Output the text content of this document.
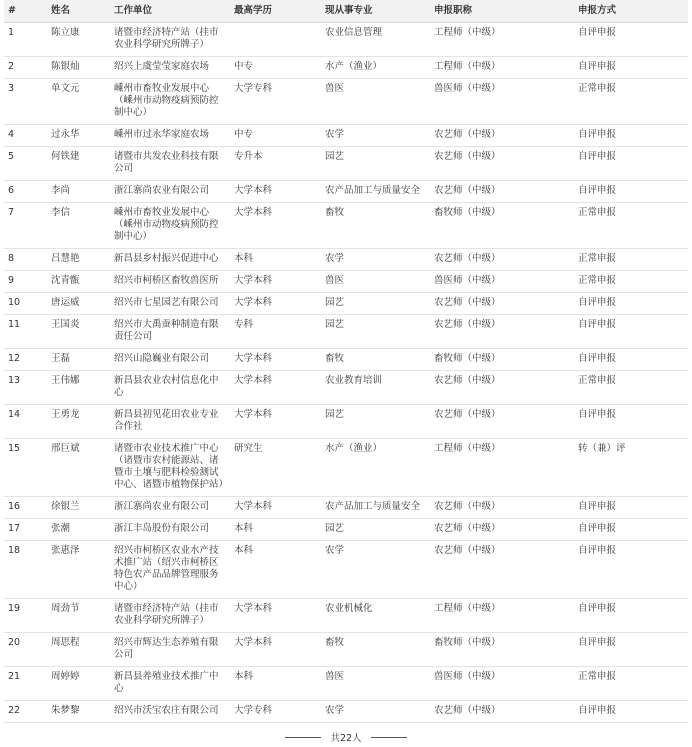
#	姓名	工作单位	最高学历	现从事专业	申报职称	申报方式
1	陈立康	诸暨市经济特产站（挂市农业科学研究所牌子）		农业信息管理	工程师（中级）	自评申报
2	陈银灿	绍兴上虞莹莹家庭农场	中专	水产（渔业）	工程师（中级）	自评申报
3	单文元	嵊州市畜牧业发展中心（嵊州市动物疫病预防控制中心）	大学专科	兽医	兽医师（中级）	正常申报
4	过永华	嵊州市过永华家庭农场	中专	农学	农艺师（中级）	自评申报
5	何铁建	诸暨市共发农业科技有限公司	专升本	园艺	农艺师（中级）	自评申报
6	李尚	浙江寨尚农业有限公司	大学本科	农产品加工与质量安全	农艺师（中级）	自评申报
7	李信	嵊州市畜牧业发展中心（嵊州市动物疫病预防控制中心）	大学本科	畜牧	畜牧师（中级）	正常申报
8	吕慧艳	新昌县乡村振兴促进中心	本科	农学	农艺师（中级）	正常申报
9	沈青甑	绍兴市柯桥区畜牧兽医所	大学本科	兽医	兽医师（中级）	正常申报
10	唐运威	绍兴市七星园艺有限公司	大学本科	园艺	农艺师（中级）	自评申报
11	王国炎	绍兴市大禹蚕种制造有限责任公司	专科	园艺	农艺师（中级）	自评申报
12	王磊	绍兴山隐巍业有限公司	大学本科	畜牧	畜牧师（中级）	自评申报
13	王伟娜	新昌县农业农村信息化中心	大学本科	农业教育培训	农艺师（中级）	正常申报
14	王勇龙	新昌县初见花田农业专业合作社	大学本科	园艺	农艺师（中级）	自评申报
15	邢巨斌	诸暨市农业技术推广中心（诸暨市农村能源站、诸暨市土壤与肥料检验测试中心、诸暨市植物保护站）	研究生	水产（渔业）	工程师（中级）	转（兼）评
16	徐银兰	浙江寨尚农业有限公司	大学本科	农产品加工与质量安全	农艺师（中级）	自评申报
17	张潮	浙江丰岛股份有限公司	本科	园艺	农艺师（中级）	自评申报
18	张惠泽	绍兴市柯桥区农业水产技术推广站（绍兴市柯桥区特色农产品品牌管理服务中心）	本科	农学	农艺师（中级）	自评申报
19	周劲节	诸暨市经济特产站（挂市农业科学研究所牌子）	大学本科	农业机械化	工程师（中级）	自评申报
20	周思程	绍兴市辉达生态养殖有限公司	大学本科	畜牧	畜牧师（中级）	自评申报
21	周婷婷	新昌县养殖业技术推广中心	本科	兽医	兽医师（中级）	正常申报
22	朱梦黎	绍兴市沃宝农庄有限公司	大学专科	农学	农艺师（中级）	自评申报
共22人
